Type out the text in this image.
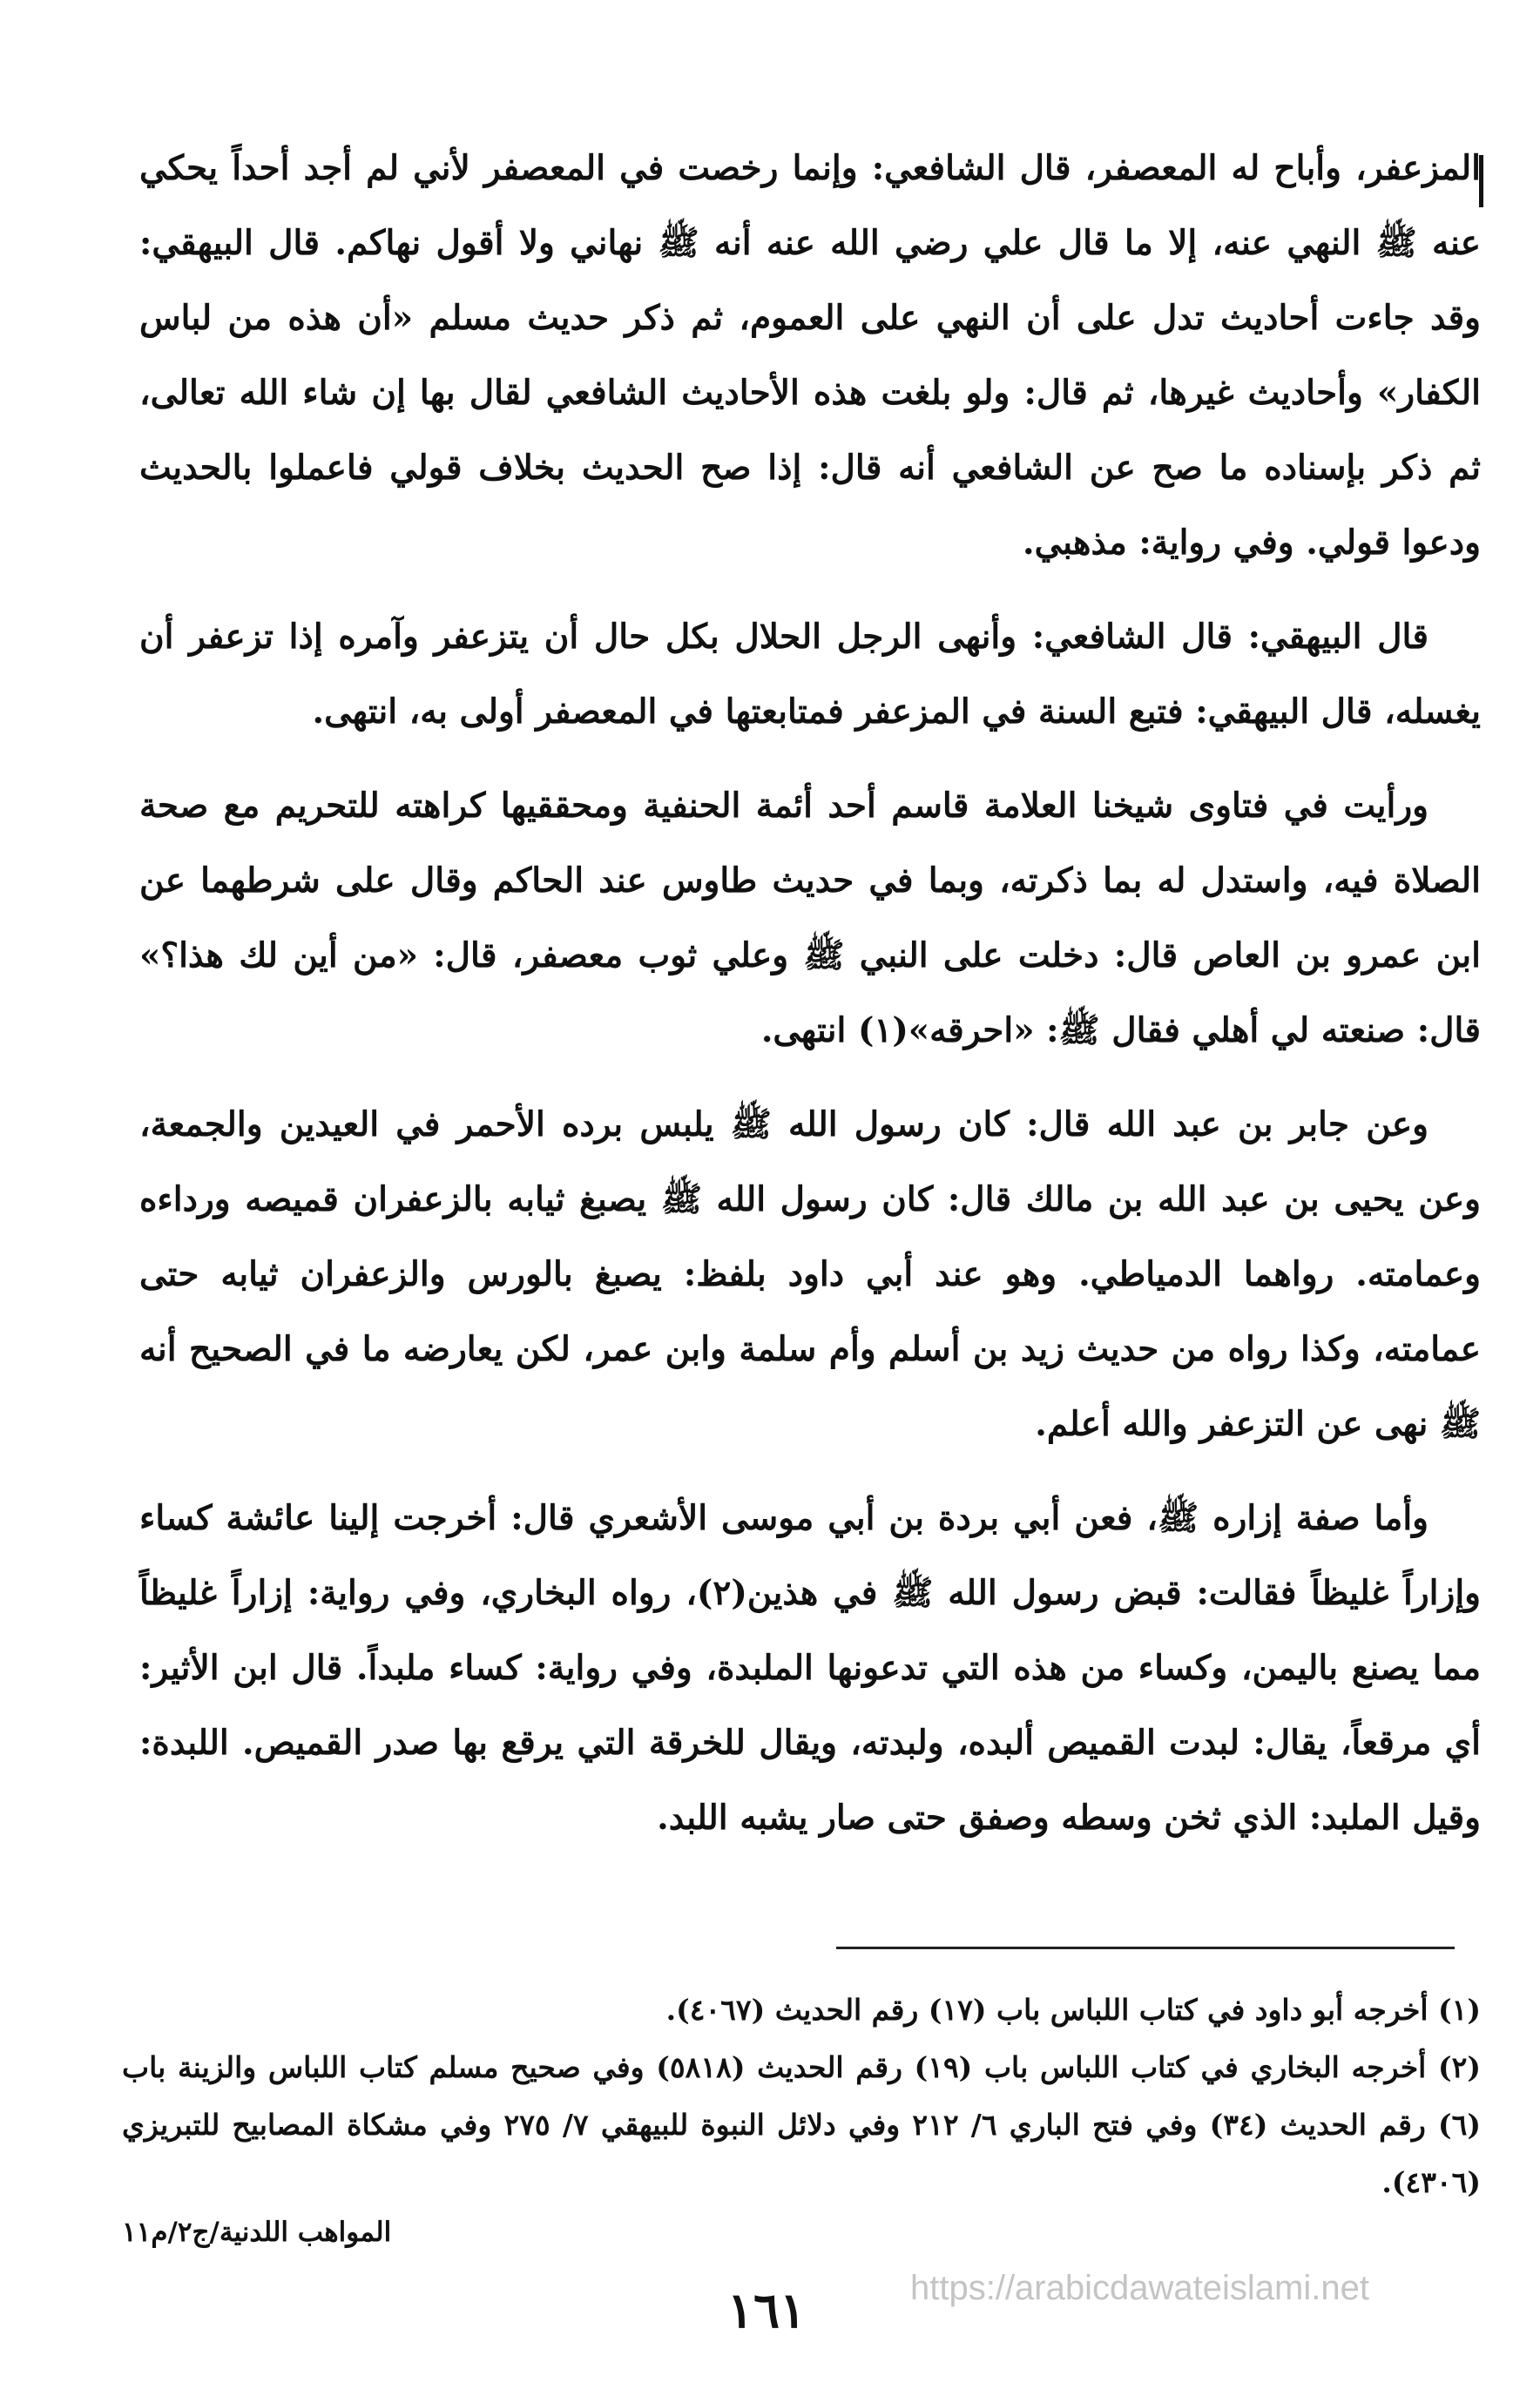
المزعفر، وأباح له المعصفر، قال الشافعي: وإنما رخصت في المعصفر لأني لم أجد أحداً يحكي عنه ﷺ النهي عنه، إلا ما قال علي رضي الله عنه أنه ﷺ نهاني ولا أقول نهاكم. قال البيهقي: وقد جاءت أحاديث تدل على أن النهي على العموم، ثم ذكر حديث مسلم «أن هذه من لباس الكفار» وأحاديث غيرها، ثم قال: ولو بلغت هذه الأحاديث الشافعي لقال بها إن شاء الله تعالى، ثم ذكر بإسناده ما صح عن الشافعي أنه قال: إذا صح الحديث بخلاف قولي فاعملوا بالحديث ودعوا قولي. وفي رواية: مذهبي.

قال البيهقي: قال الشافعي: وأنهى الرجل الحلال بكل حال أن يتزعفر وآمره إذا تزعفر أن يغسله، قال البيهقي: فتبع السنة في المزعفر فمتابعتها في المعصفر أولى به، انتهى.

ورأيت في فتاوى شيخنا العلامة قاسم أحد أئمة الحنفية ومحققيها كراهته للتحريم مع صحة الصلاة فيه، واستدل له بما ذكرته، وبما في حديث طاوس عند الحاكم وقال على شرطهما عن ابن عمرو بن العاص قال: دخلت على النبي ﷺ وعلي ثوب معصفر، قال: «من أين لك هذا؟» قال: صنعته لي أهلي فقال ﷺ: «احرقه»(١) انتهى.

وعن جابر بن عبد الله قال: كان رسول الله ﷺ يلبس برده الأحمر في العيدين والجمعة، وعن يحيى بن عبد الله بن مالك قال: كان رسول الله ﷺ يصبغ ثيابه بالزعفران قميصه ورداءه وعمامته. رواهما الدمياطي. وهو عند أبي داود بلفظ: يصبغ بالورس والزعفران ثيابه حتى عمامته، وكذا رواه من حديث زيد بن أسلم وأم سلمة وابن عمر، لكن يعارضه ما في الصحيح أنه ﷺ نهى عن التزعفر والله أعلم.

وأما صفة إزاره ﷺ، فعن أبي بردة بن أبي موسى الأشعري قال: أخرجت إلينا عائشة كساء وإزاراً غليظاً فقالت: قبض رسول الله ﷺ في هذين(٢)، رواه البخاري، وفي رواية: إزاراً غليظاً مما يصنع باليمن، وكساء من هذه التي تدعونها الملبدة، وفي رواية: كساء ملبداً. قال ابن الأثير: أي مرقعاً، يقال: لبدت القميص ألبده، ولبدته، ويقال للخرقة التي يرقع بها صدر القميص. اللبدة: وقيل الملبد: الذي ثخن وسطه وصفق حتى صار يشبه اللبد.

(١) أخرجه أبو داود في كتاب اللباس باب (١٧) رقم الحديث (٤٠٦٧).

(٢) أخرجه البخاري في كتاب اللباس باب (١٩) رقم الحديث (٥٨١٨) وفي صحيح مسلم كتاب اللباس والزينة باب (٦) رقم الحديث (٣٤) وفي فتح الباري ٦/ ٢١٢ وفي دلائل النبوة للبيهقي ٧/ ٢٧٥ وفي مشكاة المصابيح للتبريزي (٤٣٠٦).

المواهب اللدنية/ج٢/م١١
https://arabicdawateislami.net
١٦١
